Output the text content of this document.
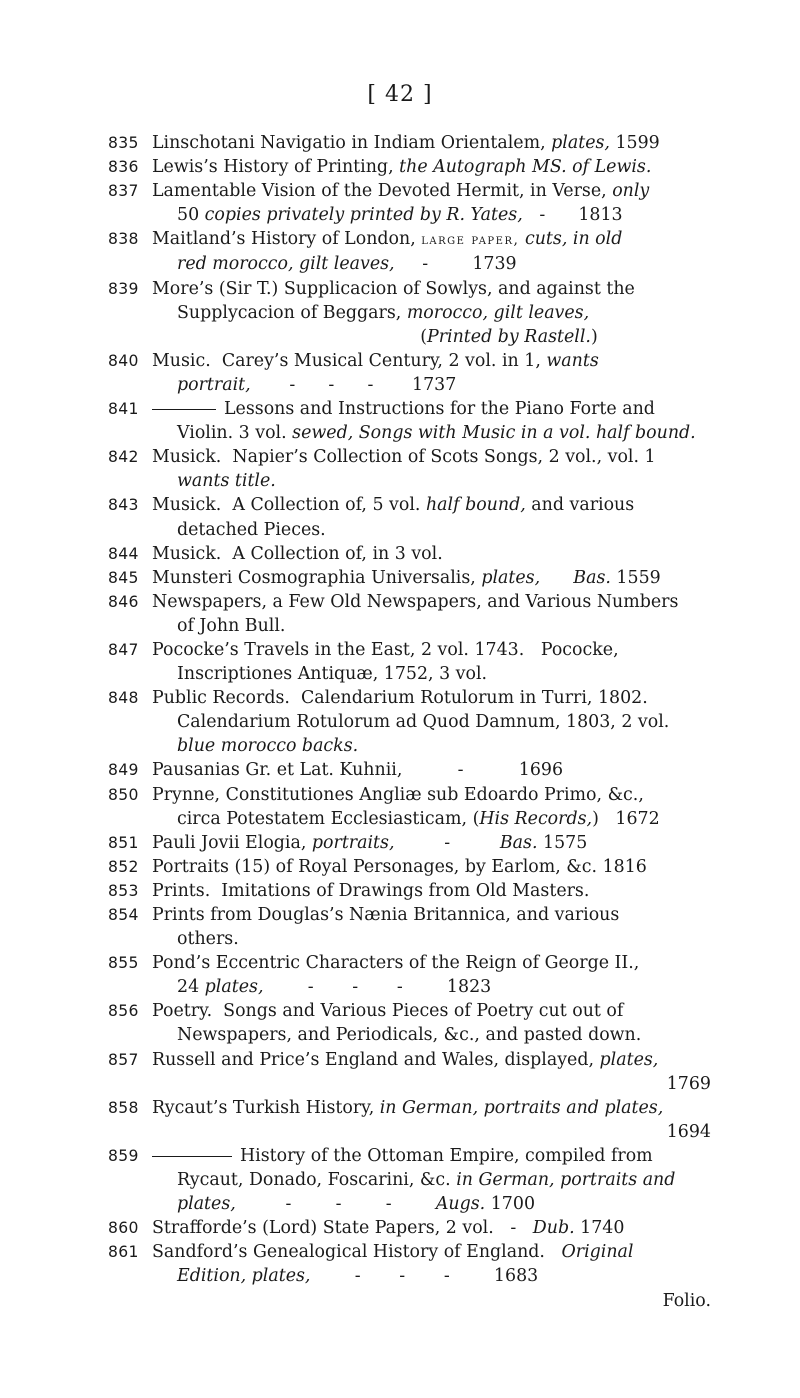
[ 42 ]
835 Linschotani Navigatio in Indiam Orientalem, plates, 1599
836 Lewis’s History of Printing, the Autograph MS. of Lewis.
837 Lamentable Vision of the Devoted Hermit, in Verse, only
50 copies privately printed by R. Yates,   -      1813
838 Maitland’s History of London, large paper, cuts, in old
red morocco, gilt leaves,     -        1739
839 More’s (Sir T.) Supplicacion of Sowlys, and against the
Supplycacion of Beggars, morocco, gilt leaves,
(Printed by Rastell.)
840 Music.  Carey’s Musical Century, 2 vol. in 1, wants
portrait,       -      -      -       1737
841	Lessons and Instructions for the Piano Forte and
Violin. 3 vol. sewed, Songs with Music in a vol. half bound.
842 Musick.  Napier’s Collection of Scots Songs, 2 vol., vol. 1
wants title.
843 Musick.  A Collection of, 5 vol. half bound, and various
detached Pieces.
844 Musick.  A Collection of, in 3 vol.
845 Munsteri Cosmographia Universalis, plates, Bas. 1559
846 Newspapers, a Few Old Newspapers, and Various Numbers
of John Bull.
847 Pococke’s Travels in the East, 2 vol. 1743.   Pococke,
Inscriptiones Antiquæ, 1752, 3 vol.
848 Public Records.  Calendarium Rotulorum in Turri, 1802.
Calendarium Rotulorum ad Quod Damnum, 1803, 2 vol.
blue morocco backs.
849 Pausanias Gr. et Lat. Kuhnii,          -          1696
850 Prynne, Constitutiones Angliæ sub Edoardo Primo, &c.,
circa Potestatem Ecclesiasticam, (His Records,)   1672
851 Pauli Jovii Elogia, portraits,         -         Bas. 1575
852 Portraits (15) of Royal Personages, by Earlom, &c. 1816
853 Prints.  Imitations of Drawings from Old Masters.
854 Prints from Douglas’s Nænia Britannica, and various
others.
855 Pond’s Eccentric Characters of the Reign of George II.,
24 plates,        -       -       -        1823
856 Poetry.  Songs and Various Pieces of Poetry cut out of
Newspapers, and Periodicals, &c., and pasted down.
857 Russell and Price’s England and Wales, displayed, plates,
1769
858 Rycaut’s Turkish History, in German, portraits and plates,
1694
859	History of the Ottoman Empire, compiled from
Rycaut, Donado, Foscarini, &c. in German, portraits and
plates,         -        -        -        Augs. 1700
860 Strafforde’s (Lord) State Papers, 2 vol.   -   Dub. 1740
861 Sandford’s Genealogical History of England.   Original
Edition, plates,        -       -       -        1683
Folio.
